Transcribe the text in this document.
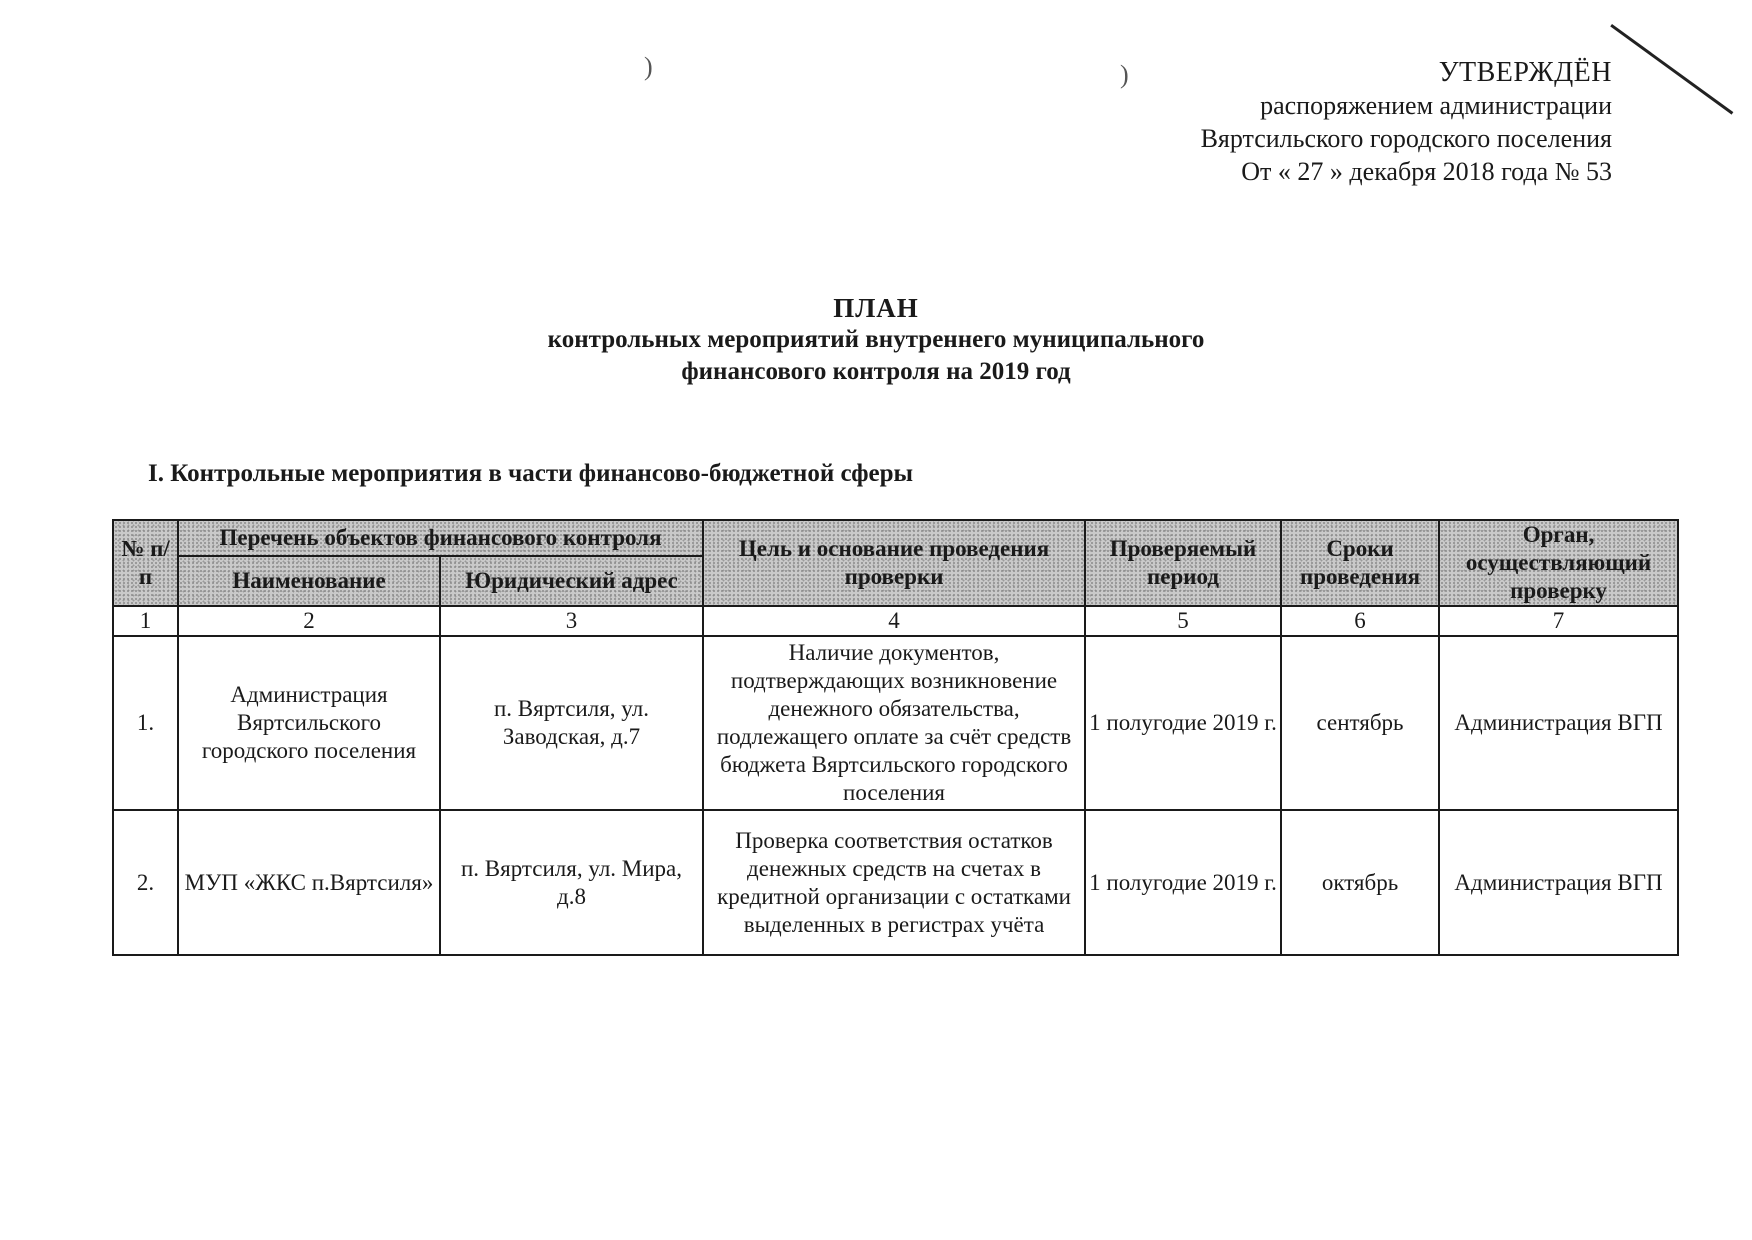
)	)	УТВЕРЖДЁН
распоряжением администрации
Вяртсильского городского поселения
От « 27 » декабря 2018 года № 53
ПЛАН
контрольных мероприятий внутреннего муниципального
финансового контроля на 2019 год
I. Контрольные мероприятия в части финансово-бюджетной сферы
№ п/п	Перечень объектов финансового контроля		Цель и основание проведения проверки	Проверяемый период	Сроки проведения	Орган, осуществляющий проверку
	Наименование	Юридический адрес				
1	2	3	4	5	6	7
1.	Администрация Вяртсильского городского поселения	п. Вяртсиля, ул. Заводская, д.7	Наличие документов, подтверждающих возникновение денежного обязательства, подлежащего оплате за счёт средств бюджета Вяртсильского городского поселения	1 полугодие 2019 г.	сентябрь	Администрация ВГП
2.	МУП «ЖКС п.Вяртсиля»	п. Вяртсиля, ул. Мира, д.8	Проверка соответствия остатков денежных средств на счетах в кредитной организации с остатками выделенных в регистрах учёта	1 полугодие 2019 г.	октябрь	Администрация ВГП
